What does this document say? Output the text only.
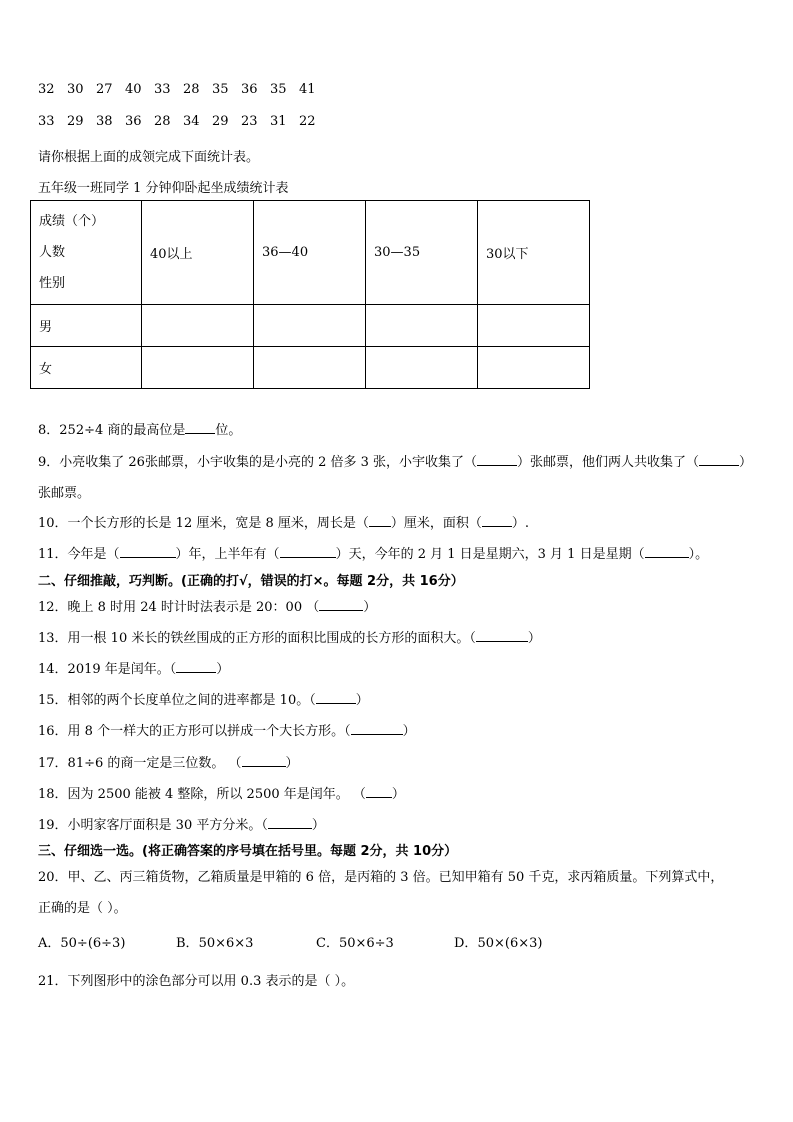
32 30 27 40 33 28 35 36 35 41
33 29 38 36 28 34 29 23 31 22
请你根据上面的成领完成下面统计表。
五年级一班同学 1 分钟仰卧起坐成绩统计表
成绩（个）
人数
性别	40以上	36—40	30—35	30以下
男				
女				
8．252÷4 商的最高位是 位。
9．小亮收集了 26张邮票，小宇收集的是小亮的 2 倍多 3 张，小宇收集了（	）张邮票，他们两人共收集了（	）
张邮票。
10．一个长方形的长是 12 厘米，宽是 8 厘米，周长是（ ）厘米，面积（ ）.
11．今年是（	）年，上半年有（	）天，今年的 2 月 1 日是星期六，3 月 1 日是星期（	）。
二、仔细推敲，巧判断。(正确的打√，错误的打×。每题 2分，共 16分）
12．晚上 8 时用 24 时计时法表示是 20：00 （	）
13．用一根 10 米长的铁丝围成的正方形的面积比围成的长方形的面积大。（	）
14．2019 年是闰年。（	）
15．相邻的两个长度单位之间的进率都是 10。（	）
16．用 8 个一样大的正方形可以拼成一个大长方形。（	）
17．81÷6 的商一定是三位数。 （	）
18．因为 2500 能被 4 整除，所以 2500 年是闰年。 （ ）
19．小明家客厅面积是 30 平方分米。（	）
三、仔细选一选。(将正确答案的序号填在括号里。每题 2分，共 10分）
20．甲、乙、丙三箱货物，乙箱质量是甲箱的 6 倍，是丙箱的 3 倍。已知甲箱有 50 千克，求丙箱质量。下列算式中，
正确的是（ ）。
A．50÷(6÷3)	B．50×6×3	C．50×6÷3	D．50×(6×3)
21．下列图形中的涂色部分可以用 0.3 表示的是（ ）。
